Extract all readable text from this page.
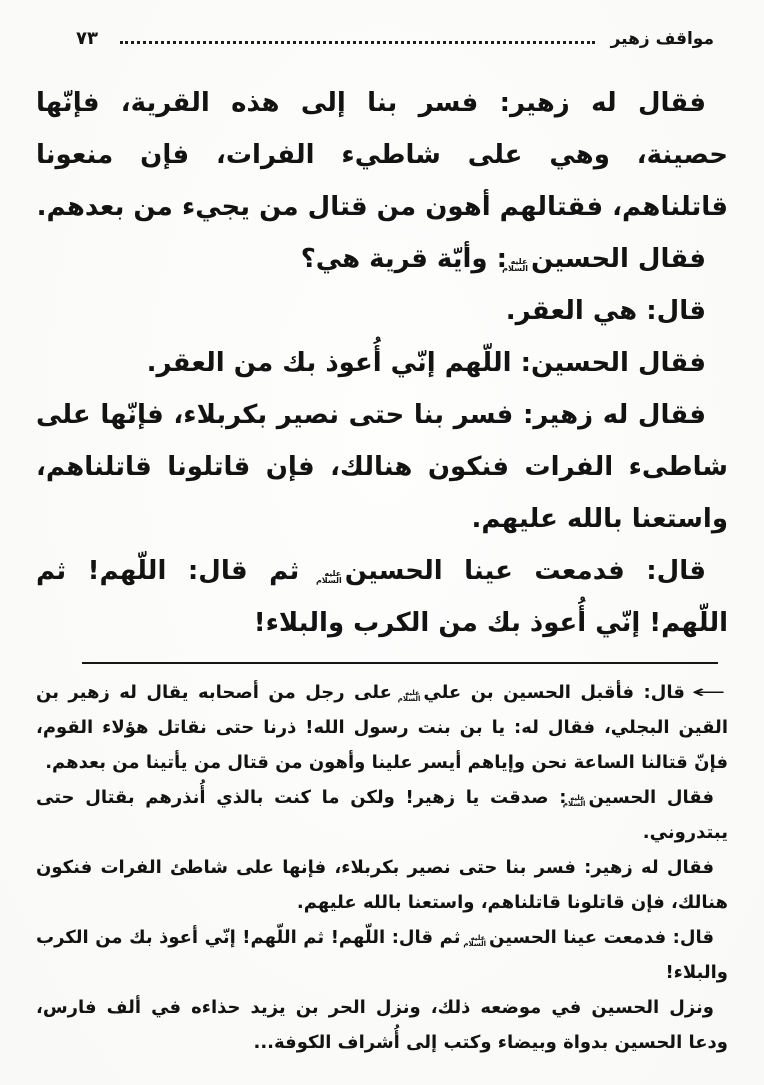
مواقف زهير
٧٣

فقال له زهير: فسر بنا إلى هذه القرية، فإنّها حصينة، وهي على شاطيء الفرات، فإن منعونا قاتلناهم، فقتالهم أهون من قتال من يجيء من بعدهم.

فقال الحسينعليه السلام: وأيّة قرية هي؟

قال: هي العقر.

فقال الحسين: اللّهم إنّي أُعوذ بك من العقر.

فقال له زهير: فسر بنا حتى نصير بكربلاء، فإنّها على شاطىء الفرات فنكون هنالك، فإن قاتلونا قاتلناهم، واستعنا بالله عليهم.

قال: فدمعت عينا الحسينعليه السلام ثم قال: اللّهم! ثم اللّهم! إنّي أُعوذ بك من الكرب والبلاء!

←قال: فأقبل الحسين بن عليعليه السلام على رجل من أصحابه يقال له زهير بن القين البجلي، فقال له: يا بن بنت رسول الله! ذرنا حتى نقاتل هؤلاء القوم، فإنّ قتالنا الساعة نحن وإياهم أيسر علينا وأهون من قتال من يأتينا من بعدهم.

فقال الحسينعليه السلام: صدقت يا زهير! ولكن ما كنت بالذي أُنذرهم بقتال حتى يبتدروني.

فقال له زهير: فسر بنا حتى نصير بكربلاء، فإنها على شاطئ الفرات فنكون هنالك، فإن قاتلونا قاتلناهم، واستعنا بالله عليهم.

قال: فدمعت عينا الحسينعليه السلام ثم قال: اللّهم! ثم اللّهم! إنّي أعوذ بك من الكرب والبلاء!

ونزل الحسين في موضعه ذلك، ونزل الحر بن يزيد حذاءه في ألف فارس، ودعا الحسين بدواة وبيضاء وكتب إلى أُشراف الكوفة...
